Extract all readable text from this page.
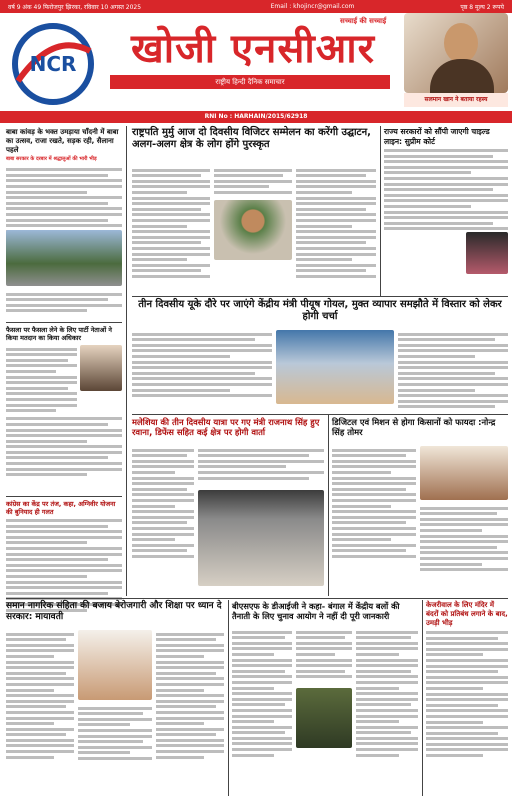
वर्ष 9 अंक 49 फिरोजपुर झिरका, रविवार 10 अगस्त 2025	Email : khojincr@gmail.com	पृष्ठ 8 मूल्य 2 रूपये
NCR
सच्चाई की सच्चाई
खोजी एनसीआर
राष्ट्रीय हिन्दी दैनिक समाचार
सलमान खान ने बताया रहस्य
RNI No : HARHAIN/2015/62918
बाबा कांवड़ के भक्त उमड़ाया चाँदनी में बाबा का उत्सव, राजा रखते, सड़क रही, सैलाना पहले
बाबा सरकार के दरबार में श्रद्धालुओं की भारी भीड़
फैसला पर फैसला लेने के लिए पार्टी नेताओं ने किया मतदान का किया अधिकार
कांग्रेस का केंद्र पर तंज, कहा, अग्निवीर योजना की बुनियाद ही गलत
राष्ट्रपति मुर्मु आज दो दिवसीय विजिटर सम्मेलन का करेंगी उद्घाटन, अलग-अलग क्षेत्र के लोग होंगे पुरस्कृत
राज्य सरकारों को सौंपी जाएगी चाइल्ड लाइन: सुप्रीम कोर्ट
तीन दिवसीय यूके दौरे पर जाएंगे केंद्रीय मंत्री पीयूष गोयल, मुक्त व्यापार समझौते में विस्तार को लेकर होगी चर्चा
मलेशिया की तीन दिवसीय यात्रा पर गए मंत्री राजनाथ सिंह हुए रवाना, डिफेंस सहित कई क्षेत्र पर होगी वार्ता
डिजिटल एवं मिशन से होगा किसानों को फायदा :नोन्द्र सिंह तोमर
समान नागरिक संहिता की बजाय बेरोजगारी और शिक्षा पर ध्यान दे सरकार: मायावती
बीएसएफ के डीआईजी ने कहा- बंगाल में केंद्रीय बलों की तैनाती के लिए चुनाव आयोग ने नहीं दी पूरी जानकारी
केजरीवाल के लिए मंदिर में बंदरों को प्रतिबंध लगाने के बाद, उमड़ी भीड़
